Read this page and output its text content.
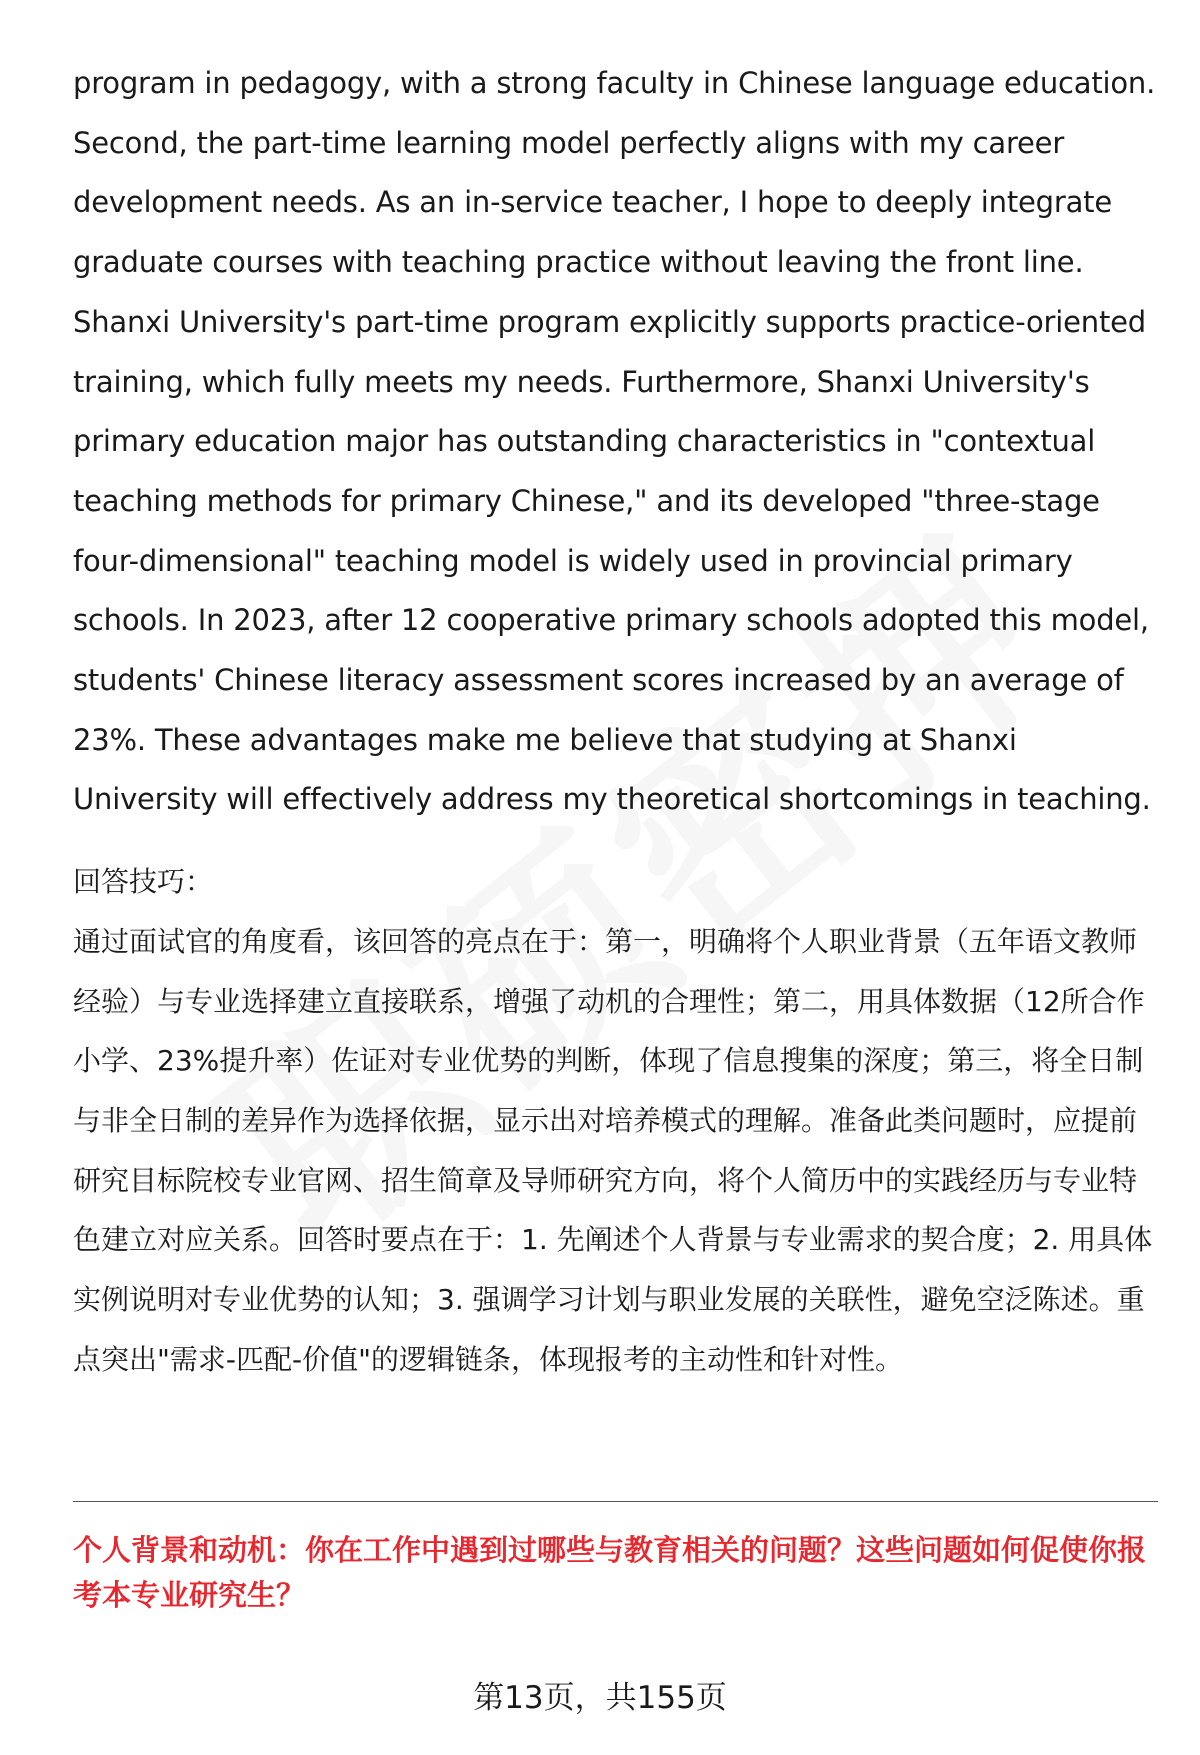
program in pedagogy, with a strong faculty in Chinese language education. Second, the part-time learning model perfectly aligns with my career development needs. As an in-service teacher, I hope to deeply integrate graduate courses with teaching practice without leaving the front line. Shanxi University's part-time program explicitly supports practice-oriented training, which fully meets my needs. Furthermore, Shanxi University's primary education major has outstanding characteristics in "contextual teaching methods for primary Chinese," and its developed "three-stage four-dimensional" teaching model is widely used in provincial primary schools. In 2023, after 12 cooperative primary schools adopted this model, students' Chinese literacy assessment scores increased by an average of 23%. These advantages make me believe that studying at Shanxi University will effectively address my theoretical shortcomings in teaching.

回答技巧：

通过面试官的角度看，该回答的亮点在于：第一，明确将个人职业背景（五年语文教师经验）与专业选择建立直接联系，增强了动机的合理性；第二，用具体数据（12所合作小学、23%提升率）佐证对专业优势的判断，体现了信息搜集的深度；第三，将全日制与非全日制的差异作为选择依据，显示出对培养模式的理解。准备此类问题时，应提前研究目标院校专业官网、招生简章及导师研究方向，将个人简历中的实践经历与专业特色建立对应关系。回答时要点在于：1. 先阐述个人背景与专业需求的契合度；2. 用具体实例说明对专业优势的认知；3. 强调学习计划与职业发展的关联性，避免空泛陈述。重点突出"需求-匹配-价值"的逻辑链条，体现报考的主动性和针对性。

个人背景和动机：你在工作中遇到过哪些与教育相关的问题？这些问题如何促使你报考本专业研究生？

第13页，共155页
